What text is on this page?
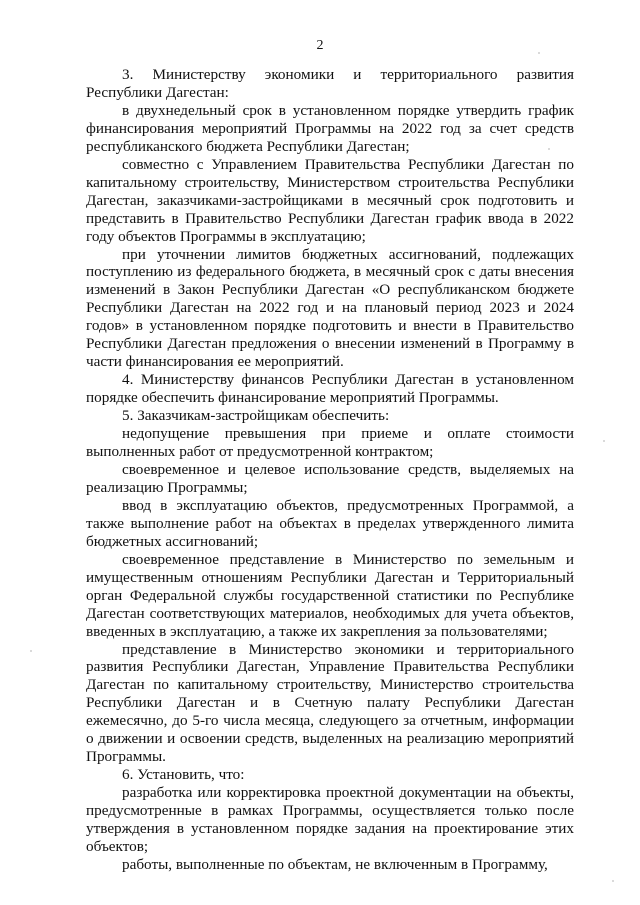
2

3. Министерству экономики и территориального развития Республики Дагестан:

в двухнедельный срок в установленном порядке утвердить график финансирования мероприятий Программы на 2022 год за счет средств республиканского бюджета Республики Дагестан;

совместно с Управлением Правительства Республики Дагестан по капитальному строительству, Министерством строительства Республики Дагестан, заказчиками-застройщиками в месячный срок подготовить и представить в Правительство Республики Дагестан график ввода в 2022 году объектов Программы в эксплуатацию;

при уточнении лимитов бюджетных ассигнований, подлежащих поступлению из федерального бюджета, в месячный срок с даты внесения изменений в Закон Республики Дагестан «О республиканском бюджете Республики Дагестан на 2022 год и на плановый период 2023 и 2024 годов» в установленном порядке подготовить и внести в Правительство Республики Дагестан предложения о внесении изменений в Программу в части финансирования ее мероприятий.

4. Министерству финансов Республики Дагестан в установленном порядке обеспечить финансирование мероприятий Программы.

5. Заказчикам-застройщикам обеспечить:

недопущение превышения при приеме и оплате стоимости выполненных работ от предусмотренной контрактом;

своевременное и целевое использование средств, выделяемых на реализацию Программы;

ввод в эксплуатацию объектов, предусмотренных Программой, а также выполнение работ на объектах в пределах утвержденного лимита бюджетных ассигнований;

своевременное представление в Министерство по земельным и имущественным отношениям Республики Дагестан и Территориальный орган Федеральной службы государственной статистики по Республике Дагестан соответствующих материалов, необходимых для учета объектов, введенных в эксплуатацию, а также их закрепления за пользователями;

представление в Министерство экономики и территориального развития Республики Дагестан, Управление Правительства Республики Дагестан по капитальному строительству, Министерство строительства Республики Дагестан и в Счетную палату Республики Дагестан ежемесячно, до 5-го числа месяца, следующего за отчетным, информации о движении и освоении средств, выделенных на реализацию мероприятий Программы.

6. Установить, что:

разработка или корректировка проектной документации на объекты, предусмотренные в рамках Программы, осуществляется только после утверждения в установленном порядке задания на проектирование этих объектов;

работы, выполненные по объектам, не включенным в Программу,
